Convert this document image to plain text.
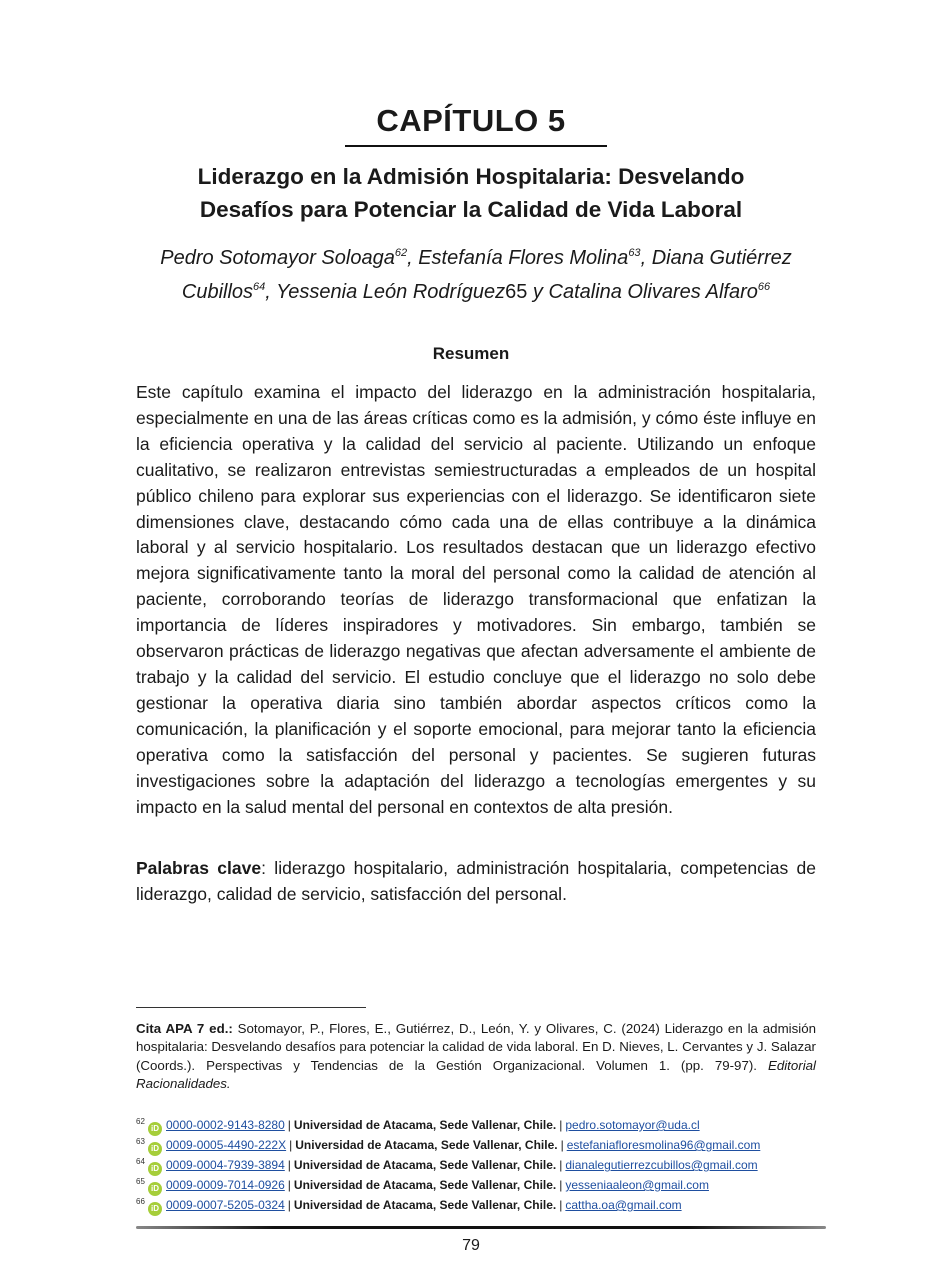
CAPÍTULO 5
Liderazgo en la Admisión Hospitalaria: Desvelando
Desafíos para Potenciar la Calidad de Vida Laboral
Pedro Sotomayor Soloaga$^{62}$, Estefanía Flores Molina$^{63}$, Diana Gutiérrez Cubillos$^{64}$, Yessenia León Rodríguez65 y Catalina Olivares Alfaro$^{66}$
Resumen

Este capítulo examina el impacto del liderazgo en la administración hospitalaria, especialmente en una de las áreas críticas como es la admisión, y cómo éste influye en la eficiencia operativa y la calidad del servicio al paciente. Utilizando un enfoque cualitativo, se realizaron entrevistas semiestructuradas a empleados de un hospital público chileno para explorar sus experiencias con el liderazgo. Se identificaron siete dimensiones clave, destacando cómo cada una de ellas contribuye a la dinámica laboral y al servicio hospitalario. Los resultados destacan que un liderazgo efectivo mejora significativamente tanto la moral del personal como la calidad de atención al paciente, corroborando teorías de liderazgo transformacional que enfatizan la importancia de líderes inspiradores y motivadores. Sin embargo, también se observaron prácticas de liderazgo negativas que afectan adversamente el ambiente de trabajo y la calidad del servicio. El estudio concluye que el liderazgo no solo debe gestionar la operativa diaria sino también abordar aspectos críticos como la comunicación, la planificación y el soporte emocional, para mejorar tanto la eficiencia operativa como la satisfacción del personal y pacientes. Se sugieren futuras investigaciones sobre la adaptación del liderazgo a tecnologías emergentes y su impacto en la salud mental del personal en contextos de alta presión.

Palabras clave: liderazgo hospitalario, administración hospitalaria, competencias de liderazgo, calidad de servicio, satisfacción del personal.

Cita APA 7 ed.: Sotomayor, P., Flores, E., Gutiérrez, D., León, Y. y Olivares, C. (2024) Liderazgo en la admisión hospitalaria: Desvelando desafíos para potenciar la calidad de vida laboral. En D. Nieves, L. Cervantes y J. Salazar (Coords.). Perspectivas y Tendencias de la Gestión Organizacional. Volumen 1. (pp. 79-97). Editorial Racionalidades.

62iD 0000-0002-9143-8280 | Universidad de Atacama, Sede Vallenar, Chile. | pedro.sotomayor@uda.cl
63iD 0009-0005-4490-222X | Universidad de Atacama, Sede Vallenar, Chile. | estefaniafloresmolina96@gmail.com
64iD 0009-0004-7939-3894 | Universidad de Atacama, Sede Vallenar, Chile. | dianalegutierrezcubillos@gmail.com
65iD 0009-0009-7014-0926 | Universidad de Atacama, Sede Vallenar, Chile. | yesseniaaleon@gmail.com
66iD 0009-0007-5205-0324 | Universidad de Atacama, Sede Vallenar, Chile. | cattha.oa@gmail.com
79
